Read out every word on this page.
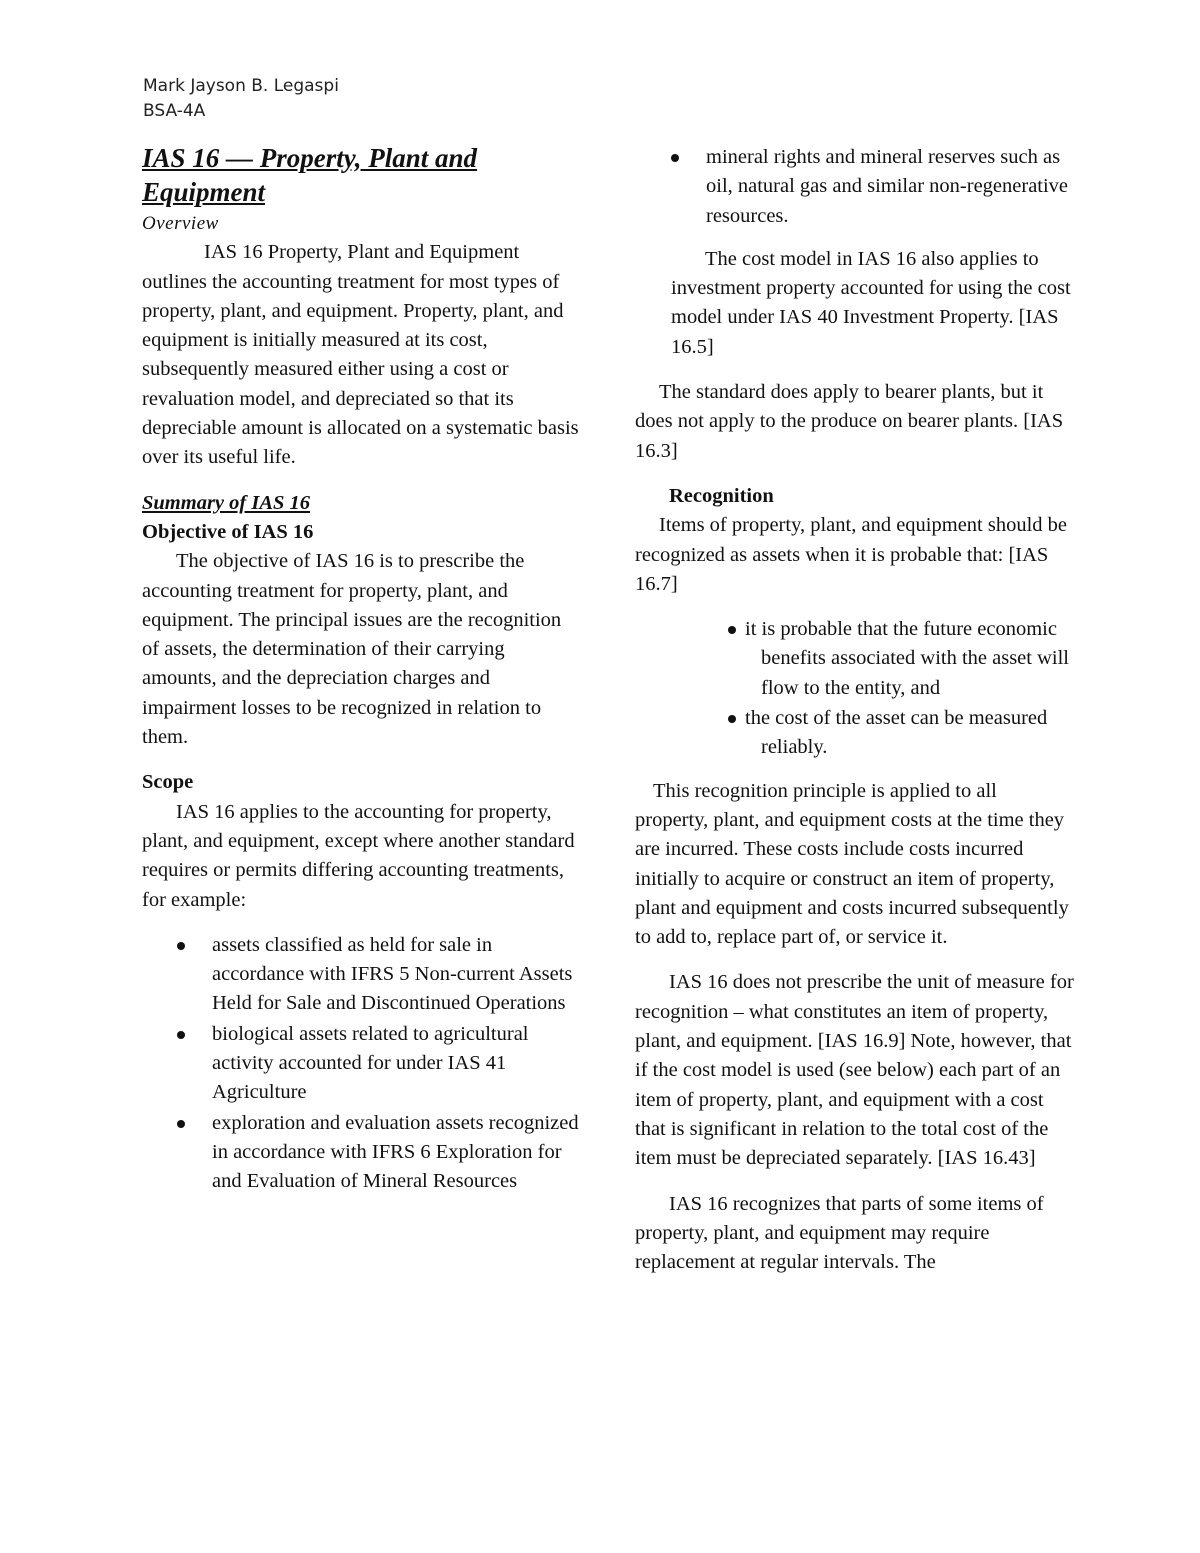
Mark Jayson B. Legaspi
BSA-4A

IAS 16 — Property, Plant and Equipment

Overview

IAS 16 Property, Plant and Equipment outlines the accounting treatment for most types of property, plant, and equipment. Property, plant, and equipment is initially measured at its cost, subsequently measured either using a cost or revaluation model, and depreciated so that its depreciable amount is allocated on a systematic basis over its useful life.

Summary of IAS 16

Objective of IAS 16

The objective of IAS 16 is to prescribe the accounting treatment for property, plant, and equipment. The principal issues are the recognition of assets, the determination of their carrying amounts, and the depreciation charges and impairment losses to be recognized in relation to them.

Scope

IAS 16 applies to the accounting for property, plant, and equipment, except where another standard requires or permits differing accounting treatments, for example:

assets classified as held for sale in accordance with IFRS 5 Non-current Assets Held for Sale and Discontinued Operations
biological assets related to agricultural activity accounted for under IAS 41 Agriculture
exploration and evaluation assets recognized in accordance with IFRS 6 Exploration for and Evaluation of Mineral Resources
mineral rights and mineral reserves such as oil, natural gas and similar non-regenerative resources.

The cost model in IAS 16 also applies to investment property accounted for using the cost model under IAS 40 Investment Property. [IAS 16.5]

The standard does apply to bearer plants, but it does not apply to the produce on bearer plants. [IAS 16.3]

Recognition

Items of property, plant, and equipment should be recognized as assets when it is probable that: [IAS 16.7]

it is probable that the future economic benefits associated with the asset will flow to the entity, and
the cost of the asset can be measured reliably.

This recognition principle is applied to all property, plant, and equipment costs at the time they are incurred. These costs include costs incurred initially to acquire or construct an item of property, plant and equipment and costs incurred subsequently to add to, replace part of, or service it.

IAS 16 does not prescribe the unit of measure for recognition – what constitutes an item of property, plant, and equipment. [IAS 16.9] Note, however, that if the cost model is used (see below) each part of an item of property, plant, and equipment with a cost that is significant in relation to the total cost of the item must be depreciated separately. [IAS 16.43]

IAS 16 recognizes that parts of some items of property, plant, and equipment may require replacement at regular intervals. The
